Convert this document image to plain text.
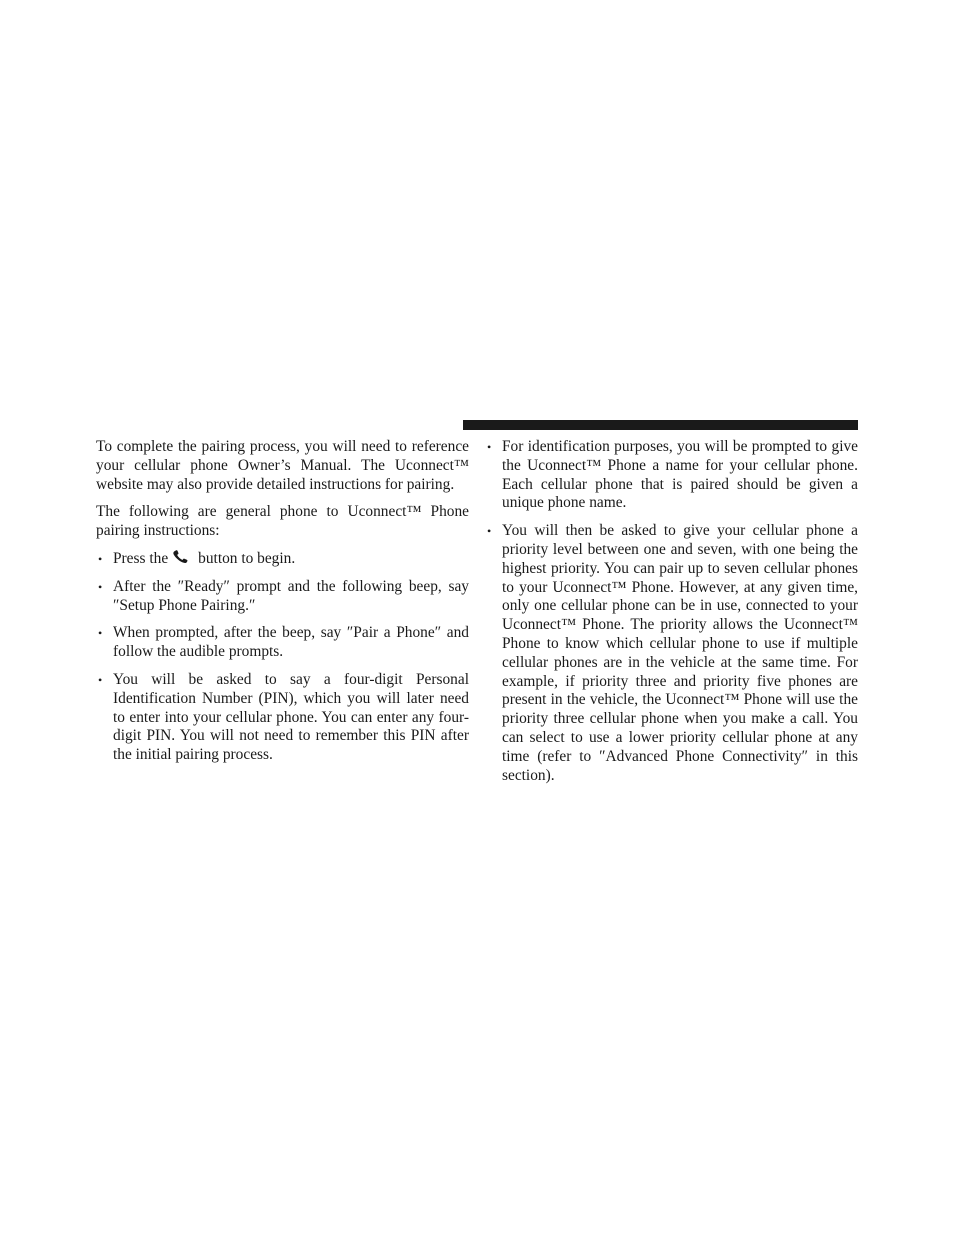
To complete the pairing process, you will need to reference your cellular phone Owner’s Manual. The Uconnect™ website may also provide detailed instructions for pairing.

The following are general phone to Uconnect™ Phone pairing instructions:

• Press the button to begin.
• After the ″Ready″ prompt and the following beep, say ″Setup Phone Pairing.″
• When prompted, after the beep, say ″Pair a Phone″ and follow the audible prompts.
• You will be asked to say a four-digit Personal Identification Number (PIN), which you will later need to enter into your cellular phone. You can enter any four-digit PIN. You will not need to remember this PIN after the initial pairing process.
• For identification purposes, you will be prompted to give the Uconnect™ Phone a name for your cellular phone. Each cellular phone that is paired should be given a unique phone name.
• You will then be asked to give your cellular phone a priority level between one and seven, with one being the highest priority. You can pair up to seven cellular phones to your Uconnect™ Phone. However, at any given time, only one cellular phone can be in use, connected to your Uconnect™ Phone. The priority allows the Uconnect™ Phone to know which cellular phone to use if multiple cellular phones are in the vehicle at the same time. For example, if priority three and priority five phones are present in the vehicle, the Uconnect™ Phone will use the priority three cellular phone when you make a call. You can select to use a lower priority cellular phone at any time (refer to ″Advanced Phone Connectivity″ in this section).
